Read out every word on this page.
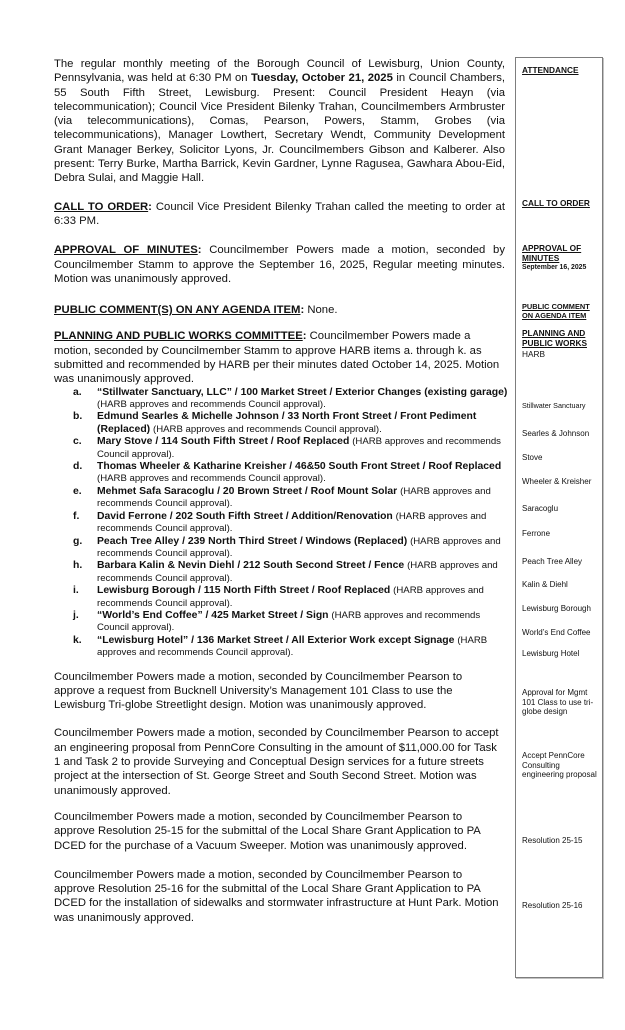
The regular monthly meeting of the Borough Council of Lewisburg, Union County, Pennsylvania, was held at 6:30 PM on Tuesday, October 21, 2025 in Council Chambers, 55 South Fifth Street, Lewisburg. Present: Council President Heayn (via telecommunication); Council Vice President Bilenky Trahan, Councilmembers Armbruster (via telecommunications), Comas, Pearson, Powers, Stamm, Grobes (via telecommunications), Manager Lowthert, Secretary Wendt, Community Development Grant Manager Berkey, Solicitor Lyons, Jr. Councilmembers Gibson and Kalberer. Also present: Terry Burke, Martha Barrick, Kevin Gardner, Lynne Ragusea, Gawhara Abou-Eid, Debra Sulai, and Maggie Hall.

CALL TO ORDER: Council Vice President Bilenky Trahan called the meeting to order at 6:33 PM.

APPROVAL OF MINUTES: Councilmember Powers made a motion, seconded by Councilmember Stamm to approve the September 16, 2025, Regular meeting minutes. Motion was unanimously approved.

PUBLIC COMMENT(S) ON ANY AGENDA ITEM: None.

PLANNING AND PUBLIC WORKS COMMITTEE: Councilmember Powers made a motion, seconded by Councilmember Stamm to approve HARB items a. through k. as submitted and recommended by HARB per their minutes dated October 14, 2025. Motion was unanimously approved.

a.	“Stillwater Sanctuary, LLC” / 100 Market Street / Exterior Changes (existing garage) (HARB approves and recommends Council approval).
b.	Edmund Searles & Michelle Johnson / 33 North Front Street / Front Pediment (Replaced) (HARB approves and recommends Council approval).
c.	Mary Stove / 114 South Fifth Street / Roof Replaced (HARB approves and recommends Council approval).
d.	Thomas Wheeler & Katharine Kreisher / 46&50 South Front Street / Roof Replaced (HARB approves and recommends Council approval).
e.	Mehmet Safa Saracoglu / 20 Brown Street / Roof Mount Solar (HARB approves and recommends Council approval).
f.	David Ferrone / 202 South Fifth Street / Addition/Renovation (HARB approves and recommends Council approval).
g.	Peach Tree Alley / 239 North Third Street / Windows (Replaced) (HARB approves and recommends Council approval).
h.	Barbara Kalin & Nevin Diehl / 212 South Second Street / Fence (HARB approves and recommends Council approval).
i.	Lewisburg Borough / 115 North Fifth Street / Roof Replaced (HARB approves and recommends Council approval).
j.	“World’s End Coffee” / 425 Market Street / Sign (HARB approves and recommends Council approval).
k.	“Lewisburg Hotel” / 136 Market Street / All Exterior Work except Signage (HARB approves and recommends Council approval).

Councilmember Powers made a motion, seconded by Councilmember Pearson to approve a request from Bucknell University’s Management 101 Class to use the Lewisburg Tri-globe Streetlight design. Motion was unanimously approved.

Councilmember Powers made a motion, seconded by Councilmember Pearson to accept an engineering proposal from PennCore Consulting in the amount of $11,000.00 for Task 1 and Task 2 to provide Surveying and Conceptual Design services for a future streets project at the intersection of St. George Street and South Second Street. Motion was unanimously approved.

Councilmember Powers made a motion, seconded by Councilmember Pearson to approve Resolution 25-15 for the submittal of the Local Share Grant Application to PA DCED for the purchase of a Vacuum Sweeper. Motion was unanimously approved.

Councilmember Powers made a motion, seconded by Councilmember Pearson to approve Resolution 25-16 for the submittal of the Local Share Grant Application to PA DCED for the installation of sidewalks and stormwater infrastructure at Hunt Park. Motion was unanimously approved.

ATTENDANCE
CALL TO ORDER
APPROVAL OF MINUTES
September 16, 2025
PUBLIC COMMENT ON AGENDA ITEM
PLANNING AND PUBLIC WORKS
HARB
Stillwater Sanctuary
Searles & Johnson
Stove
Wheeler & Kreisher
Saracoglu
Ferrone
Peach Tree Alley
Kalin & Diehl
Lewisburg Borough
World’s End Coffee
Lewisburg Hotel
Approval for Mgmt 101 Class to use tri-globe design
Accept PennCore Consulting engineering proposal
Resolution 25-15
Resolution 25-16
